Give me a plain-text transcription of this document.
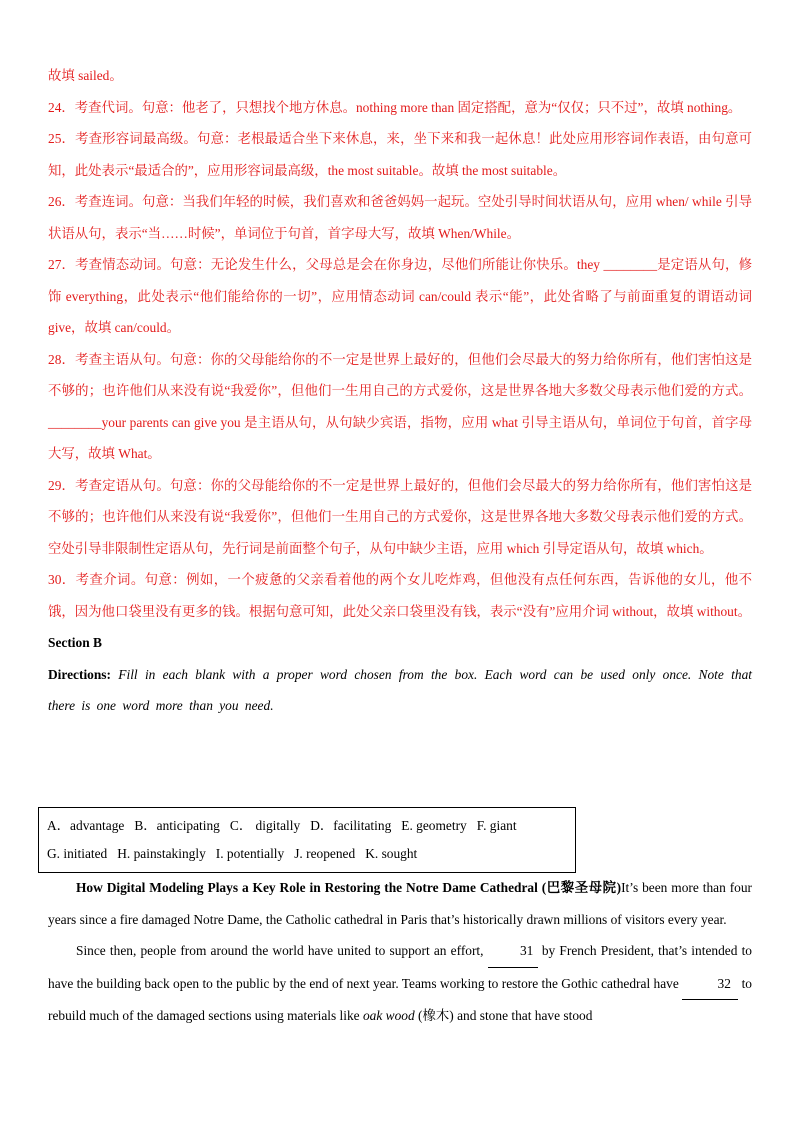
故填 sailed。

24．考查代词。句意：他老了，只想找个地方休息。nothing more than 固定搭配，意为“仅仅；只不过”，故填 nothing。

25．考查形容词最高级。句意：老根最适合坐下来休息，来，坐下来和我一起休息！此处应用形容词作表语，由句意可知，此处表示“最适合的”，应用形容词最高级，the most suitable。故填 the most suitable。

26．考查连词。句意：当我们年轻的时候，我们喜欢和爸爸妈妈一起玩。空处引导时间状语从句，应用 when/ while 引导状语从句，表示“当……时候”，单词位于句首，首字母大写，故填 When/While。

27．考查情态动词。句意：无论发生什么，父母总是会在你身边，尽他们所能让你快乐。they ________是定语从句，修饰 everything，此处表示“他们能给你的一切”，应用情态动词 can/could 表示“能”，此处省略了与前面重复的谓语动词 give，故填 can/could。

28．考查主语从句。句意：你的父母能给你的不一定是世界上最好的，但他们会尽最大的努力给你所有，他们害怕这是不够的；也许他们从来没有说“我爱你”，但他们一生用自己的方式爱你，这是世界各地大多数父母表示他们爱的方式。________your parents can give you 是主语从句，从句缺少宾语，指物，应用 what 引导主语从句，单词位于句首，首字母大写，故填 What。

29．考查定语从句。句意：你的父母能给你的不一定是世界上最好的，但他们会尽最大的努力给你所有，他们害怕这是不够的；也许他们从来没有说“我爱你”，但他们一生用自己的方式爱你，这是世界各地大多数父母表示他们爱的方式。空处引导非限制性定语从句，先行词是前面整个句子，从句中缺少主语，应用 which 引导定语从句，故填 which。

30．考查介词。句意：例如，一个疲惫的父亲看着他的两个女儿吃炸鸡，但他没有点任何东西，告诉他的女儿，他不饿，因为他口袋里没有更多的钱。根据句意可知，此处父亲口袋里没有钱，表示“没有”应用介词 without，故填 without。

Section B

Directions: Fill in each blank with a proper word chosen from the box. Each word can be used only once. Note that there is one word more than you need.

A．advantage B．anticipating C． digitally D．facilitating E. geometry F. giant
G. initiated H. painstakingly I. potentially J. reopened K. sought

How Digital Modeling Plays a Key Role in Restoring the Notre Dame Cathedral (巴黎圣母院)It’s been more than four years since a fire damaged Notre Dame, the Catholic cathedral in Paris that’s historically drawn millions of visitors every year.

Since then, people from around the world have united to support an effort, 31 by French President, that’s intended to have the building back open to the public by the end of next year. Teams working to restore the Gothic cathedral have	32 to rebuild much of the damaged sections using materials like oak wood (橡木) and stone that have stood
